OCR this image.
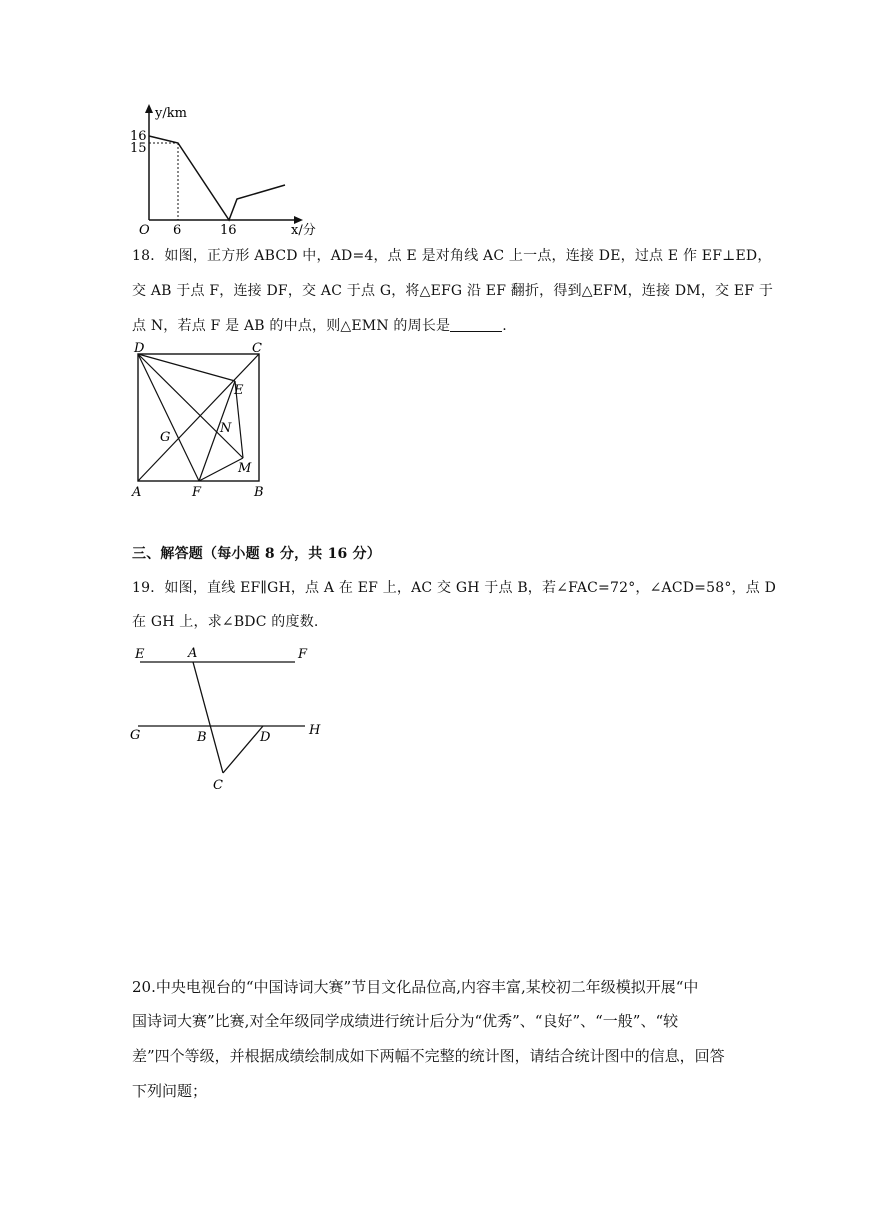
y/km
16
15
O 6	16	x/分
18．如图，正方形 ABCD 中，AD=4，点 E 是对角线 AC 上一点，连接 DE，过点 E 作 EF⊥ED，
交 AB 于点 F，连接 DF，交 AC 于点 G，将△EFG 沿 EF 翻折，得到△EFM，连接 DM，交 EF 于
点 N，若点 F 是 AB 的中点，则△EMN 的周长是	.
D	C
E
G
N
M
A	F	B
三、解答题（每小题 8 分，共 16 分）
19．如图，直线 EF∥GH，点 A 在 EF 上，AC 交 GH 于点 B，若∠FAC=72°，∠ACD=58°，点 D
在 GH 上，求∠BDC 的度数.
E	A	F
G	B	D	H
C
20.中央电视台的“中国诗词大赛”节目文化品位高,内容丰富,某校初二年级模拟开展“中
国诗词大赛”比赛,对全年级同学成绩进行统计后分为“优秀”、“良好”、“一般”、“较
差”四个等级，并根据成绩绘制成如下两幅不完整的统计图，请结合统计图中的信息，回答
下列问题；
